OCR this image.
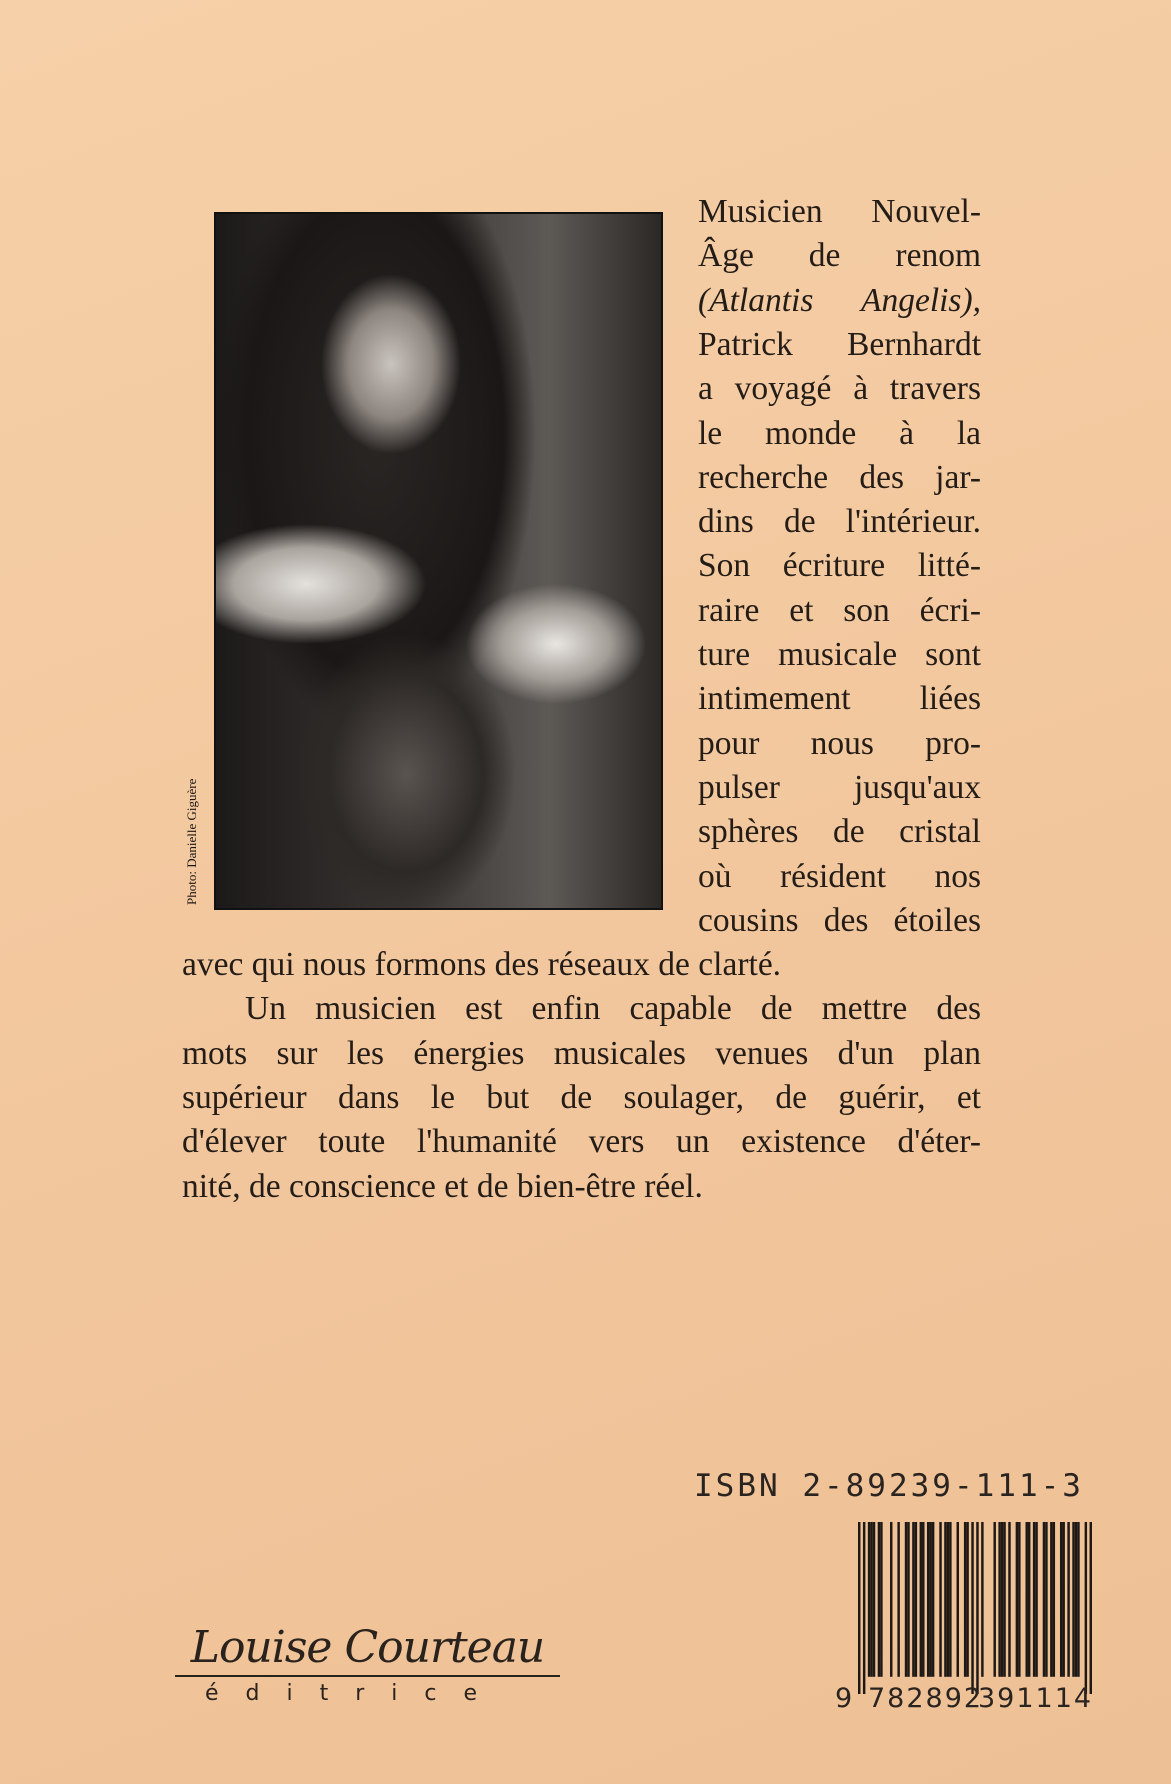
Photo: Danielle Giguère
Musicien Nouvel-
Âge de renom
(Atlantis Angelis),
Patrick Bernhardt
a voyagé à travers
le monde à la
recherche des jar-
dins de l'intérieur.
Son écriture litté-
raire et son écri-
ture musicale sont
intimement liées
pour nous pro-
pulser jusqu'aux
sphères de cristal
où résident nos
cousins des étoiles
avec qui nous formons des réseaux de clarté.
Un musicien est enfin capable de mettre des
mots sur les énergies musicales venues d'un plan
supérieur dans le but de soulager, de guérir, et
d'élever toute l'humanité vers un existence d'éter-
nité, de conscience et de bien-être réel.
ISBN 2-89239-111-3
9 782892
391114
Louise Courteau
éditrice
